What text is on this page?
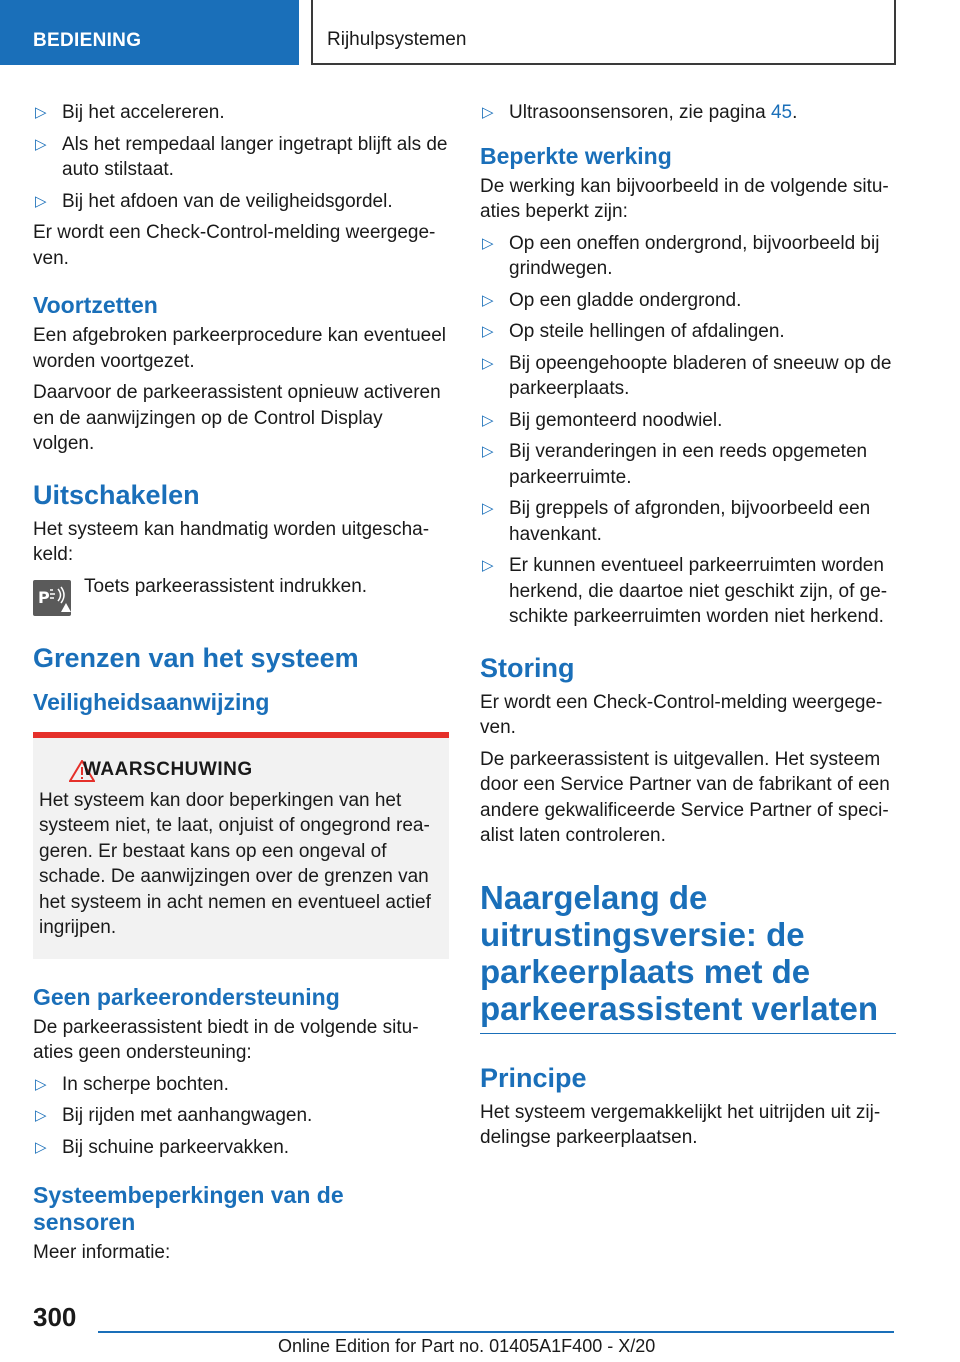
BEDIENING	Rijhulpsystemen
▷ Bij het accelereren.
▷ Als het rempedaal langer ingetrapt blijft als de auto stilstaat.
▷ Bij het afdoen van de veiligheidsgordel.

Er wordt een Check-Control-melding weergegeven.

Voortzetten

Een afgebroken parkeerprocedure kan eventueel worden voortgezet.

Daarvoor de parkeerassistent opnieuw activeren en de aanwijzingen op de Control Display volgen.

Uitschakelen

Het systeem kan handmatig worden uitgeschakeld:

P
Toets parkeerassistent indrukken.
Grenzen van het systeem
Veiligheidsaanwijzing
WAARSCHUWING

Het systeem kan door beperkingen van het systeem niet, te laat, onjuist of ongegrond reageren. Er bestaat kans op een ongeval of schade. De aanwijzingen over de grenzen van het systeem in acht nemen en eventueel actief ingrijpen.

Geen parkeerondersteuning

De parkeerassistent biedt in de volgende situaties geen ondersteuning:

▷ In scherpe bochten.
▷ Bij rijden met aanhangwagen.
▷ Bij schuine parkeervakken.
Systeembeperkingen van de sensoren

Meer informatie:

▷ Ultrasoonsensoren, zie pagina 45.
Beperkte werking

De werking kan bijvoorbeeld in de volgende situaties beperkt zijn:

▷ Op een oneffen ondergrond, bijvoorbeeld bij grindwegen.
▷ Op een gladde ondergrond.
▷ Op steile hellingen of afdalingen.
▷ Bij opeengehoopte bladeren of sneeuw op de parkeerplaats.
▷ Bij gemonteerd noodwiel.
▷ Bij veranderingen in een reeds opgemeten parkeerruimte.
▷ Bij greppels of afgronden, bijvoorbeeld een havenkant.
▷ Er kunnen eventueel parkeerruimten worden herkend, die daartoe niet geschikt zijn, of geschikte parkeerruimten worden niet herkend.
Storing

Er wordt een Check-Control-melding weergegeven.

De parkeerassistent is uitgevallen. Het systeem door een Service Partner van de fabrikant of een andere gekwalificeerde Service Partner of specialist laten controleren.

Naargelang de uitrustingsversie: de parkeerplaats met de parkeerassistent verlaten
Principe

Het systeem vergemakkelijkt het uitrijden uit zijdelingse parkeerplaatsen.

300
Online Edition for Part no. 01405A1F400 - X/20
